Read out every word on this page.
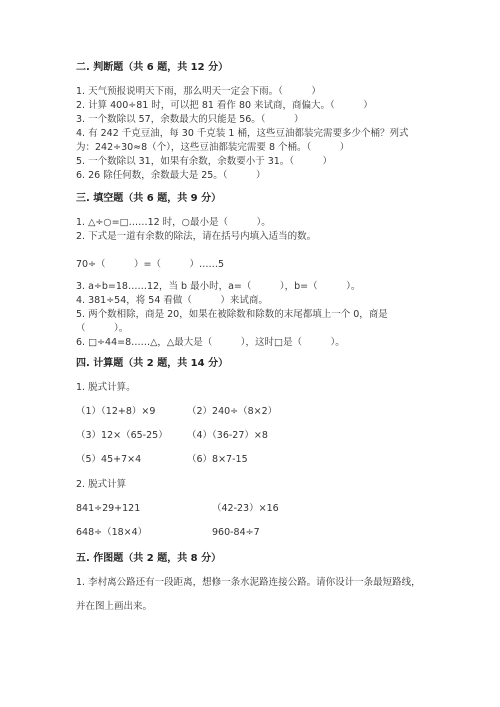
二. 判断题（共 6 题，共 12 分）
1. 天气预报说明天下雨，那么明天一定会下雨。（　　　）
2. 计算 400÷81 时，可以把 81 看作 80 来试商，商偏大。（　　　）
3. 一个数除以 57，余数最大的只能是 56。（　　　）
4. 有 242 千克豆油，每 30 千克装 1 桶，这些豆油都装完需要多少个桶？列式
为：242÷30≈8（个），这些豆油都装完需要 8 个桶。（　　　）
5. 一个数除以 31，如果有余数，余数要小于 31。（　　　）
6. 26 除任何数，余数最大是 25。（　　　）
三. 填空题（共 6 题，共 9 分）
1. △÷○=□……12 时，○最小是（　　　）。
2. 下式是一道有余数的除法，请在括号内填入适当的数。
70÷（　　　）=（　　　）……5
3. a÷b=18……12，当 b 最小时，a=（　　　），b=（　　　）。
4. 381÷54，将 54 看做（　　　）来试商。
5. 两个数相除，商是 20，如果在被除数和除数的末尾都填上一个 0，商是
（　　　）。
6. □÷44=8……△，△最大是（　　　），这时□是（　　　）。
四. 计算题（共 2 题，共 14 分）
1. 脱式计算。
（1）（12+8）×9	（2）240÷（8×2）
（3）12×（65-25） （4）（36-27）×8
（5）45+7×4	（6）8×7-15
2. 脱式计算
841÷29+121	（42-23）×16
648÷（18×4）	960-84÷7
五. 作图题（共 2 题，共 8 分）
1. 李村离公路还有一段距离，想修一条水泥路连接公路。请你设计一条最短路线，
并在图上画出来。
